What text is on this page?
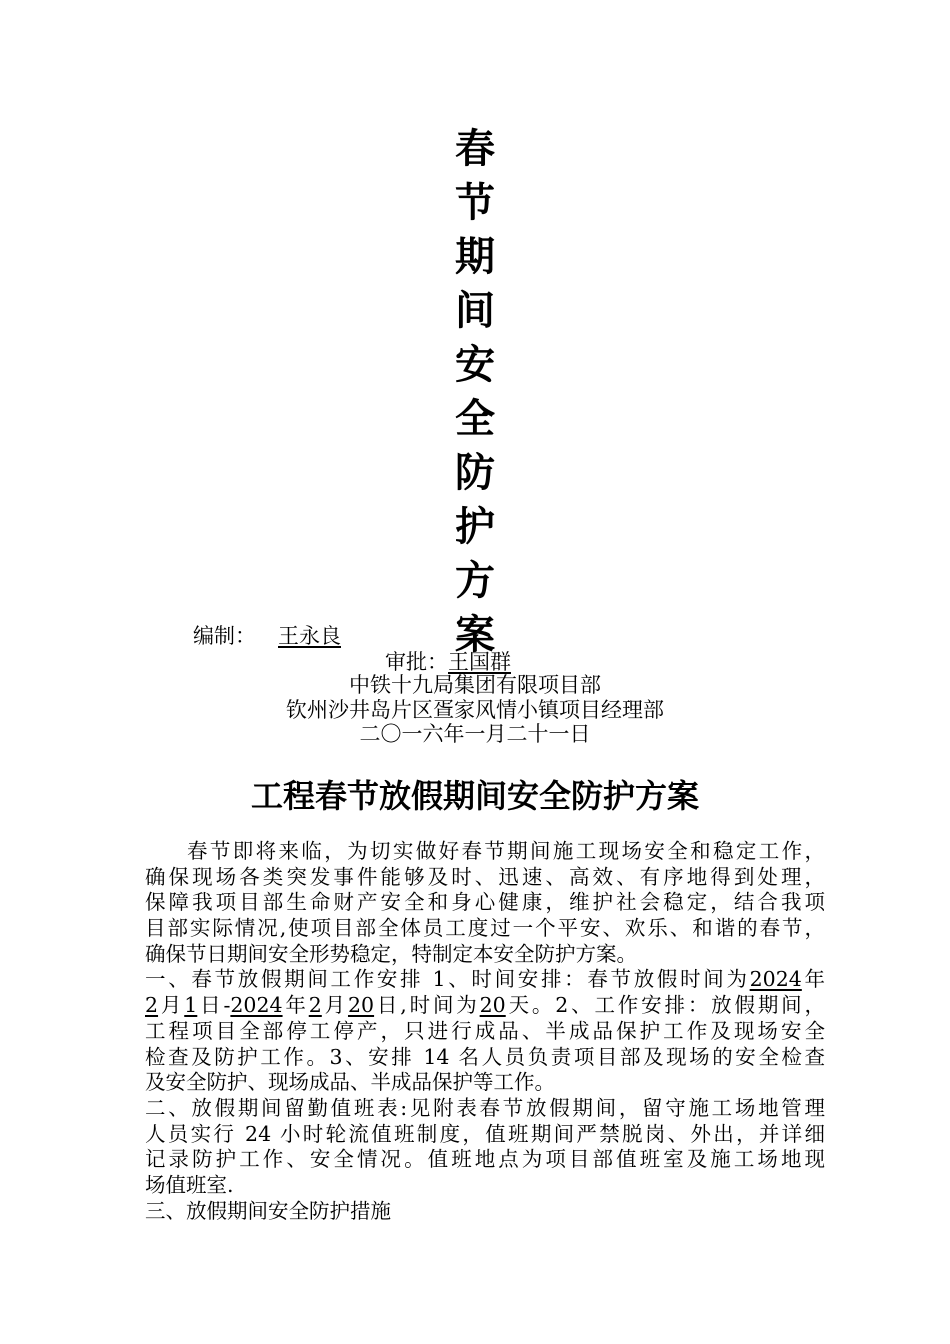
春
节
期
间
安
全
防
护
方
案
编制： 王永良
审批：王国群
中铁十九局集团有限项目部
钦州沙井岛片区疍家风情小镇项目经理部
二〇一六年一月二十一日
工程春节放假期间安全防护方案
春节即将来临，为切实做好春节期间施工现场安全和稳定工作，
确保现场各类突发事件能够及时、迅速、高效、有序地得到处理，
保障我项目部生命财产安全和身心健康，维护社会稳定，结合我项
目部实际情况,使项目部全体员工度过一个平安、欢乐、和谐的春节，
确保节日期间安全形势稳定，特制定本安全防护方案。
一、春节放假期间工作安排 1、时间安排：春节放假时间为2024年
2月1日-2024年2月20日,时间为20天。2、工作安排：放假期间，
工程项目全部停工停产，只进行成品、半成品保护工作及现场安全
检查及防护工作。3、安排 14 名人员负责项目部及现场的安全检查
及安全防护、现场成品、半成品保护等工作。
二、放假期间留勤值班表:见附表春节放假期间，留守施工场地管理
人员实行 24 小时轮流值班制度，值班期间严禁脱岗、外出，并详细
记录防护工作、安全情况。值班地点为项目部值班室及施工场地现
场值班室.
三、放假期间安全防护措施
